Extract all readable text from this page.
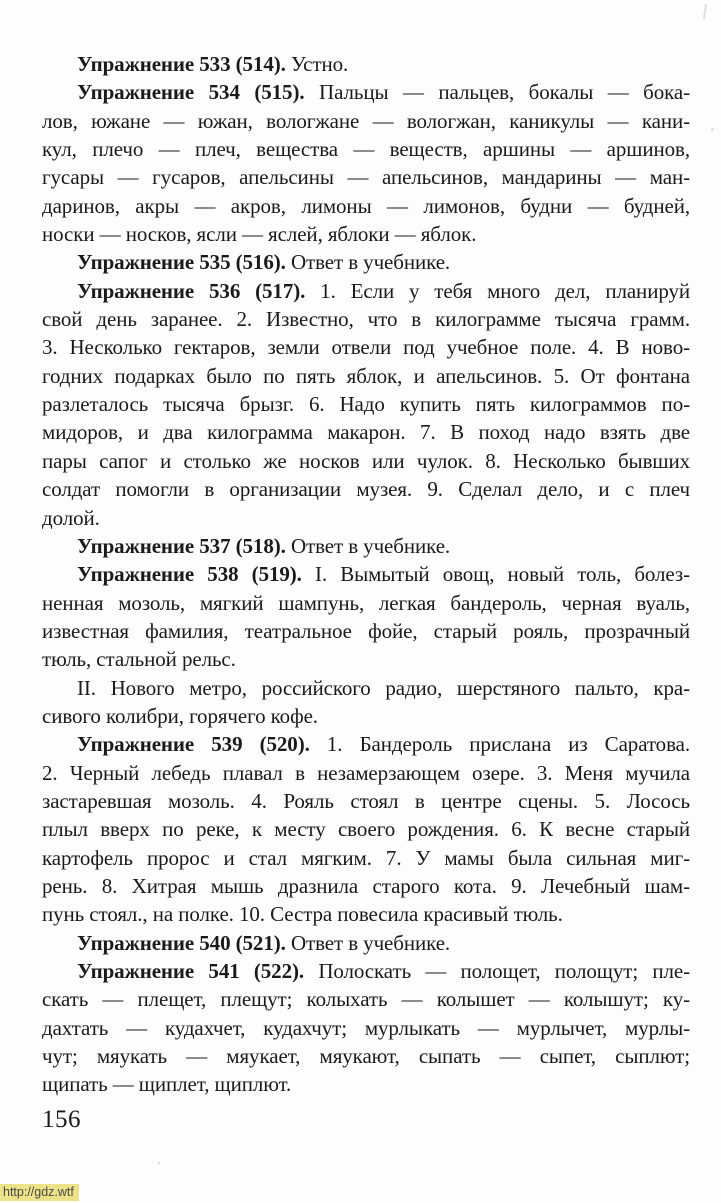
Упражнение 533 (514). Устно.

Упражнение 534 (515). Пальцы — пальцев, бокалы — бока-
лов, южане — южан, вологжане — вологжан, каникулы — кани-
кул, плечо — плеч, вещества — веществ, аршины — аршинов,
гусары — гусаров, апельсины — апельсинов, мандарины — ман-
даринов, акры — акров, лимоны — лимонов, будни — будней,
носки — носков, ясли — яслей, яблоки — яблок.

Упражнение 535 (516). Ответ в учебнике.

Упражнение 536 (517). 1. Если у тебя много дел, планируй
свой день заранее. 2. Известно, что в килограмме тысяча грамм.
3. Несколько гектаров, земли отвели под учебное поле. 4. В ново-
годних подарках было по пять яблок, и апельсинов. 5. От фонтана
разлеталось тысяча брызг. 6. Надо купить пять килограммов по-
мидоров, и два килограмма макарон. 7. В поход надо взять две
пары сапог и столько же носков или чулок. 8. Несколько бывших
солдат помогли в организации музея. 9. Сделал дело, и с плеч
долой.

Упражнение 537 (518). Ответ в учебнике.

Упражнение 538 (519). I. Вымытый овощ, новый толь, болез-
ненная мозоль, мягкий шампунь, легкая бандероль, черная вуаль,
известная фамилия, театральное фойе, старый рояль, прозрачный
тюль, стальной рельс.

II. Нового метро, российского радио, шерстяного пальто, кра-
сивого колибри, горячего кофе.

Упражнение 539 (520). 1. Бандероль прислана из Саратова.
2. Черный лебедь плавал в незамерзающем озере. 3. Меня мучила
застаревшая мозоль. 4. Рояль стоял в центре сцены. 5. Лосось
плыл вверх по реке, к месту своего рождения. 6. К весне старый
картофель пророс и стал мягким. 7. У мамы была сильная миг-
рень. 8. Хитрая мышь дразнила старого кота. 9. Лечебный шам-
пунь стоял., на полке. 10. Сестра повесила красивый тюль.

Упражнение 540 (521). Ответ в учебнике.

Упражнение 541 (522). Полоскать — полощет, полощут; пле-
скать — плещет, плещут; колыхать — колышет — колышут; ку-
дахтать — кудахчет, кудахчут; мурлыкать — мурлычет, мурлы-
чут; мяукать — мяукает, мяукают, сыпать — сыпет, сыплют;
щипать — щиплет, щиплют.

156
http://gdz.wtf
